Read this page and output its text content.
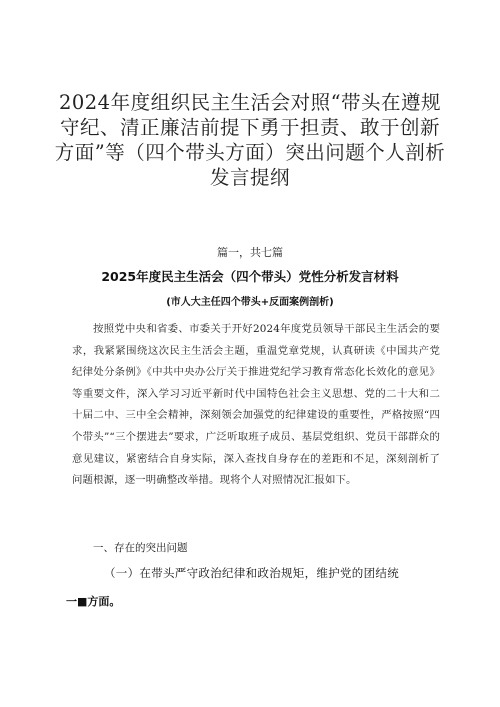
2024年度组织民主生活会对照“带头在遵规守纪、清正廉洁前提下勇于担责、敢于创新方面”等（四个带头方面）突出问题个人剖析发言提纲
篇一，共七篇
2025年度民主生活会（四个带头）党性分析发言材料
(市人大主任四个带头+反面案例剖析)

按照党中央和省委、市委关于开好2024年度党员领导干部民主生活会的要求，我紧紧围绕这次民主生活会主题，重温党章党规，认真研读《中国共产党纪律处分条例》《中共中央办公厅关于推进党纪学习教育常态化长效化的意见》等重要文件，深入学习习近平新时代中国特色社会主义思想、党的二十大和二十届二中、三中全会精神，深刻领会加强党的纪律建设的重要性，严格按照“四个带头”“三个摆进去”要求，广泛听取班子成员、基层党组织、党员干部群众的意见建议，紧密结合自身实际，深入查找自身存在的差距和不足，深刻剖析了问题根源，逐一明确整改举措。现将个人对照情况汇报如下。

一、存在的突出问题
（一）在带头严守政治纪律和政治规矩，维护党的团结统
一■方面。
